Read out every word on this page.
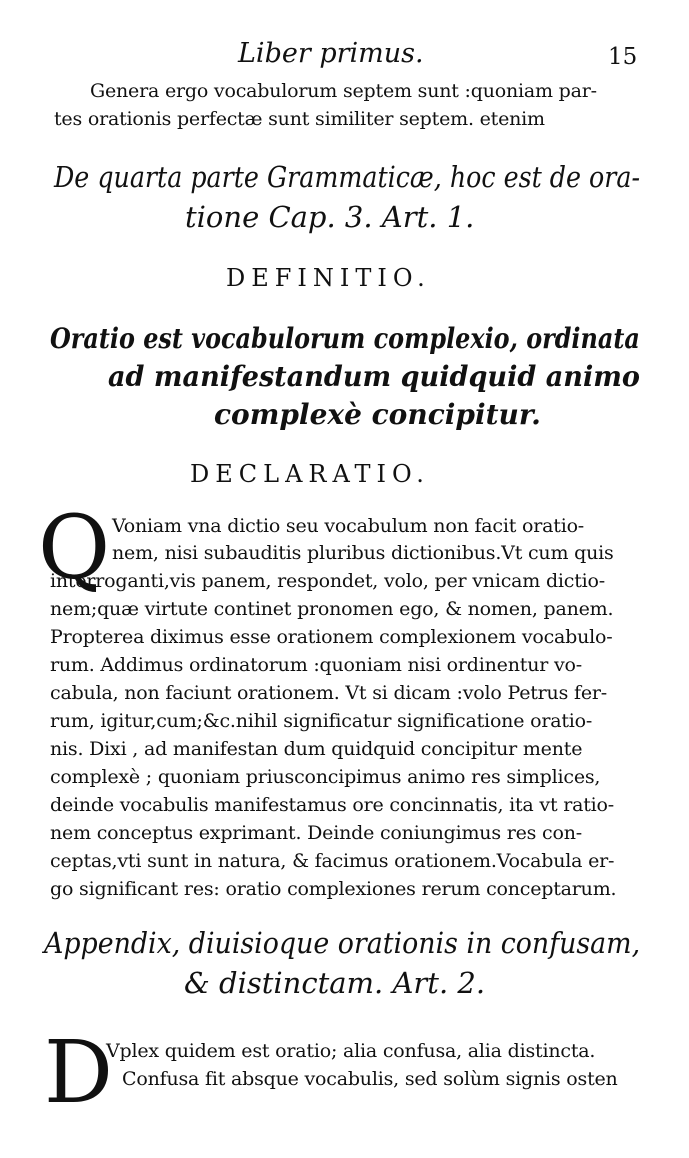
Liber primus.	15
Genera ergo vocabulorum septem sunt :quoniam par-
tes orationis perfectæ sunt similiter septem. etenim
De quarta parte Grammaticæ, hoc est de ora-
tione Cap. 3. Art. 1.
DEFINITIO.
Oratio est vocabulorum complexio, ordinata
ad manifestandum quidquid animo
complexè concipitur.
DECLARATIO.
Q Voniam vna dictio seu vocabulum non facit oratio-
nem, nisi subauditis pluribus dictionibus.Vt cum quis
interroganti,vis panem, respondet, volo, per vnicam dictio-
nem;quæ virtute continet pronomen ego, & nomen, panem.
Propterea diximus esse orationem complexionem vocabulo-
rum. Addimus ordinatorum :quoniam nisi ordinentur vo-
cabula, non faciunt orationem. Vt si dicam :volo Petrus fer-
rum, igitur,cum;&c.nihil significatur significatione oratio-
nis. Dixi , ad manifestan dum quidquid concipitur mente
complexè ; quoniam priusconcipimus animo res simplices,
deinde vocabulis manifestamus ore concinnatis, ita vt ratio-
nem conceptus exprimant. Deinde coniungimus res con-
ceptas,vti sunt in natura, & facimus orationem.Vocabula er-
go significant res: oratio complexiones rerum conceptarum.
Appendix, diuisioque orationis in confusam,
& distinctam. Art. 2.
D
Vplex quidem est oratio; alia confusa, alia distincta.
Confusa fit absque vocabulis, sed solùm signis osten
